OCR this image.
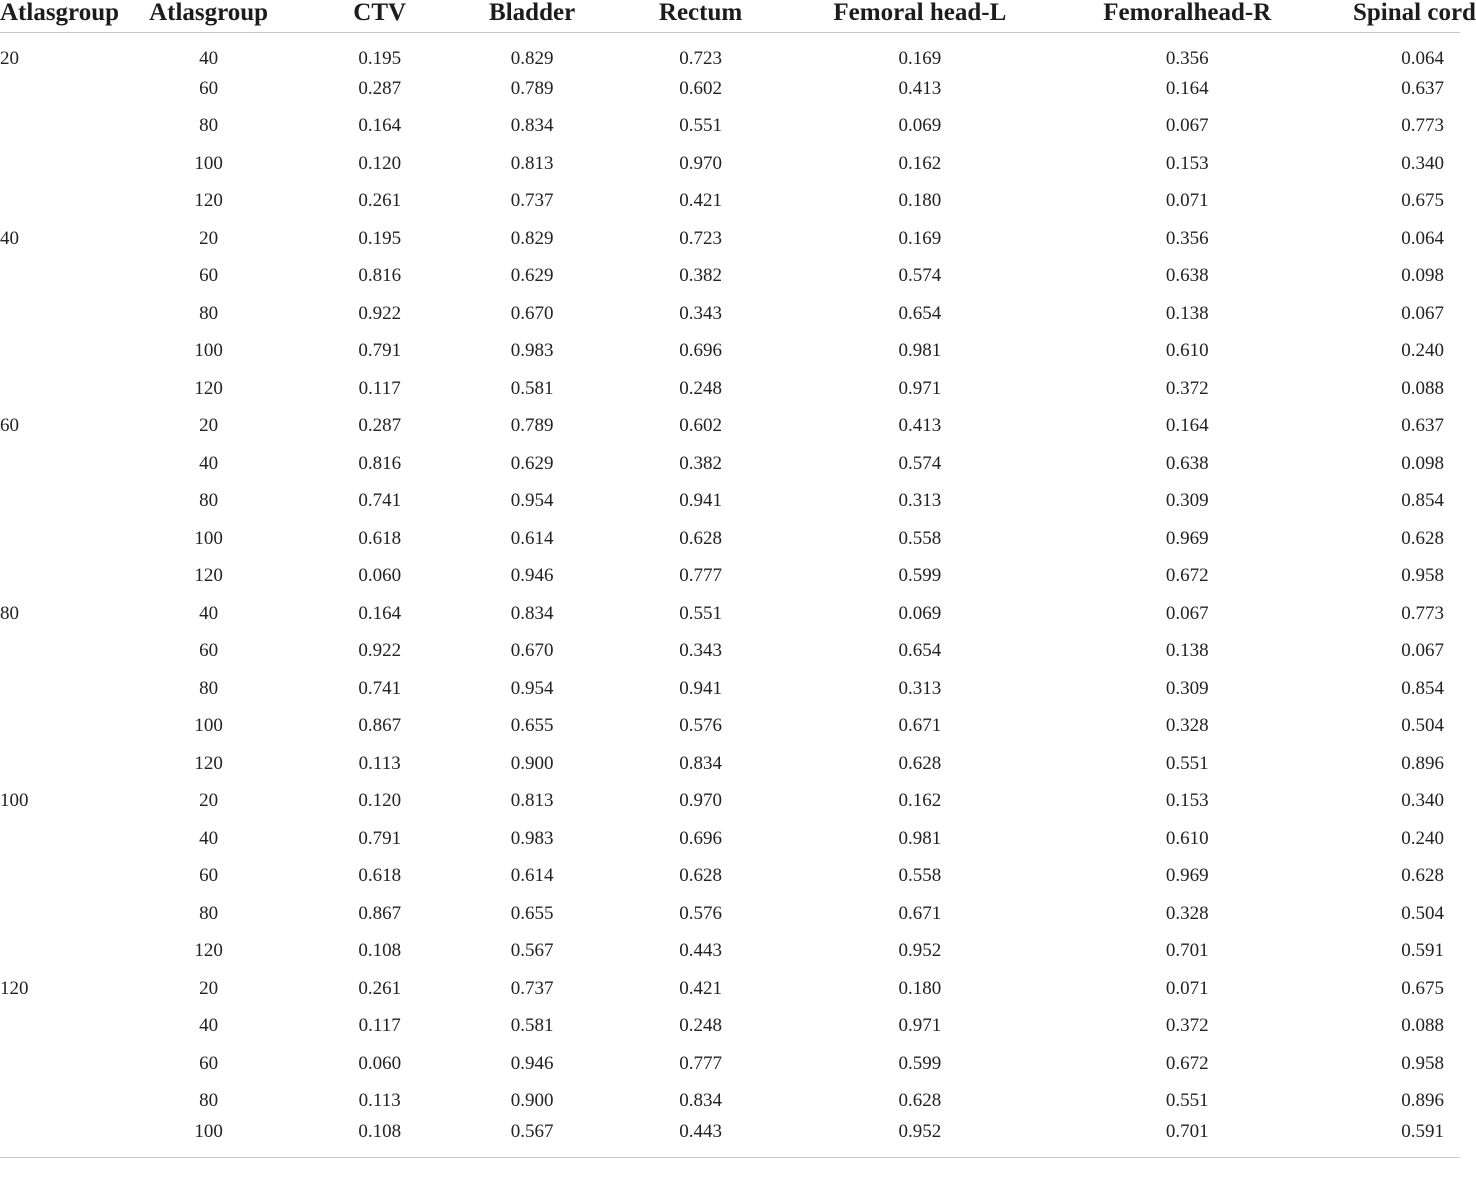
Atlasgroup	Atlasgroup	CTV	Bladder	Rectum	Femoral head-L	Femoralhead-R	Spinal cord
20	40	0.195	0.829	0.723	0.169	0.356	0.064
	60	0.287	0.789	0.602	0.413	0.164	0.637
	80	0.164	0.834	0.551	0.069	0.067	0.773
	100	0.120	0.813	0.970	0.162	0.153	0.340
	120	0.261	0.737	0.421	0.180	0.071	0.675
40	20	0.195	0.829	0.723	0.169	0.356	0.064
	60	0.816	0.629	0.382	0.574	0.638	0.098
	80	0.922	0.670	0.343	0.654	0.138	0.067
	100	0.791	0.983	0.696	0.981	0.610	0.240
	120	0.117	0.581	0.248	0.971	0.372	0.088
60	20	0.287	0.789	0.602	0.413	0.164	0.637
	40	0.816	0.629	0.382	0.574	0.638	0.098
	80	0.741	0.954	0.941	0.313	0.309	0.854
	100	0.618	0.614	0.628	0.558	0.969	0.628
	120	0.060	0.946	0.777	0.599	0.672	0.958
80	40	0.164	0.834	0.551	0.069	0.067	0.773
	60	0.922	0.670	0.343	0.654	0.138	0.067
	80	0.741	0.954	0.941	0.313	0.309	0.854
	100	0.867	0.655	0.576	0.671	0.328	0.504
	120	0.113	0.900	0.834	0.628	0.551	0.896
100	20	0.120	0.813	0.970	0.162	0.153	0.340
	40	0.791	0.983	0.696	0.981	0.610	0.240
	60	0.618	0.614	0.628	0.558	0.969	0.628
	80	0.867	0.655	0.576	0.671	0.328	0.504
	120	0.108	0.567	0.443	0.952	0.701	0.591
120	20	0.261	0.737	0.421	0.180	0.071	0.675
	40	0.117	0.581	0.248	0.971	0.372	0.088
	60	0.060	0.946	0.777	0.599	0.672	0.958
	80	0.113	0.900	0.834	0.628	0.551	0.896
	100	0.108	0.567	0.443	0.952	0.701	0.591
